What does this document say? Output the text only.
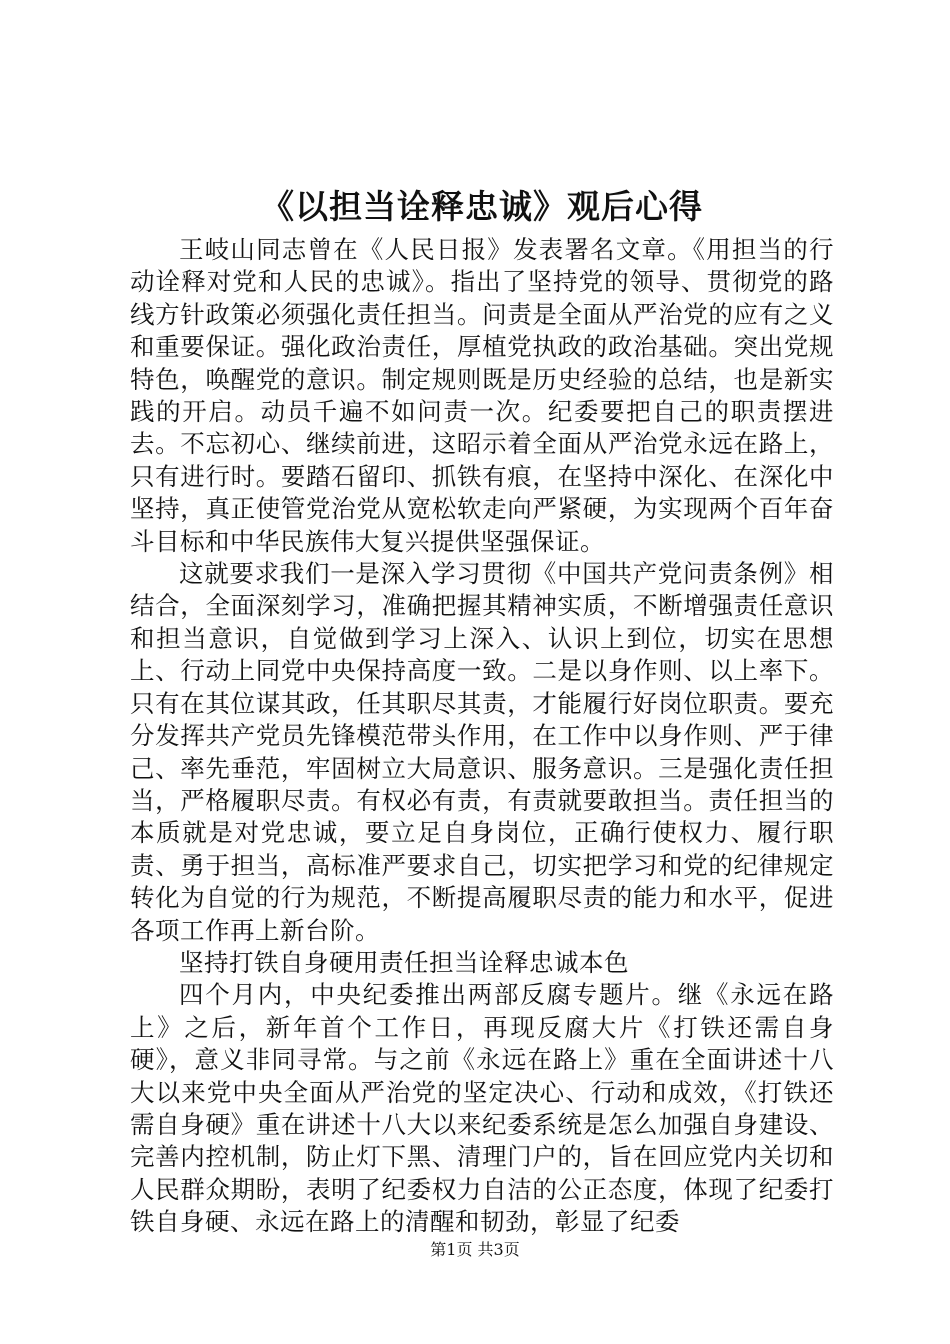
《以担当诠释忠诚》观后心得

王岐山同志曾在《人民日报》发表署名文章。《用担当的行动诠释对党和人民的忠诚》。指出了坚持党的领导、贯彻党的路线方针政策必须强化责任担当。问责是全面从严治党的应有之义和重要保证。强化政治责任，厚植党执政的政治基础。突出党规特色，唤醒党的意识。制定规则既是历史经验的总结，也是新实践的开启。动员千遍不如问责一次。纪委要把自己的职责摆进去。不忘初心、继续前进，这昭示着全面从严治党永远在路上，只有进行时。要踏石留印、抓铁有痕，在坚持中深化、在深化中坚持，真正使管党治党从宽松软走向严紧硬，为实现两个百年奋斗目标和中华民族伟大复兴提供坚强保证。

这就要求我们一是深入学习贯彻《中国共产党问责条例》相结合，全面深刻学习，准确把握其精神实质，不断增强责任意识和担当意识，自觉做到学习上深入、认识上到位，切实在思想上、行动上同党中央保持高度一致。二是以身作则、以上率下。只有在其位谋其政，任其职尽其责，才能履行好岗位职责。要充分发挥共产党员先锋模范带头作用，在工作中以身作则、严于律己、率先垂范，牢固树立大局意识、服务意识。三是强化责任担当，严格履职尽责。有权必有责，有责就要敢担当。责任担当的本质就是对党忠诚，要立足自身岗位，正确行使权力、履行职责、勇于担当，高标准严要求自己，切实把学习和党的纪律规定转化为自觉的行为规范，不断提高履职尽责的能力和水平，促进各项工作再上新台阶。

坚持打铁自身硬用责任担当诠释忠诚本色

四个月内，中央纪委推出两部反腐专题片。继《永远在路上》之后，新年首个工作日，再现反腐大片《打铁还需自身硬》，意义非同寻常。与之前《永远在路上》重在全面讲述十八大以来党中央全面从严治党的坚定决心、行动和成效，《打铁还需自身硬》重在讲述十八大以来纪委系统是怎么加强自身建设、完善内控机制，防止灯下黑、清理门户的，旨在回应党内关切和人民群众期盼，表明了纪委权力自洁的公正态度，体现了纪委打铁自身硬、永远在路上的清醒和韧劲，彰显了纪委

第1页 共3页
